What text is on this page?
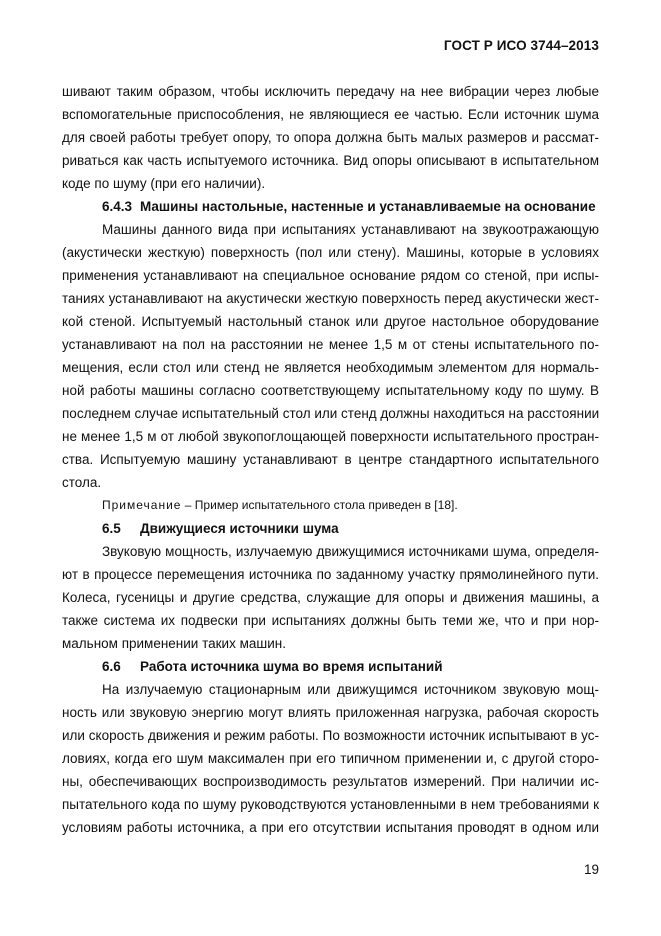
ГОСТ Р ИСО 3744–2013
шивают таким образом, чтобы исключить передачу на нее вибрации через любые
вспомогательные приспособления, не являющиеся ее частью. Если источник шума
для своей работы требует опору, то опора должна быть малых размеров и рассмат-
риваться как часть испытуемого источника. Вид опоры описывают в испытательном
коде по шуму (при его наличии).
6.4.3 Машины настольные, настенные и устанавливаемые на основание
Машины данного вида при испытаниях устанавливают на звукоотражающую
(акустически жесткую) поверхность (пол или стену). Машины, которые в условиях
применения устанавливают на специальное основание рядом со стеной, при испы-
таниях устанавливают на акустически жесткую поверхность перед акустически жест-
кой стеной. Испытуемый настольный станок или другое настольное оборудование
устанавливают на пол на расстоянии не менее 1,5 м от стены испытательного по-
мещения, если стол или стенд не является необходимым элементом для нормаль-
ной работы машины согласно соответствующему испытательному коду по шуму. В
последнем случае испытательный стол или стенд должны находиться на расстоянии
не менее 1,5 м от любой звукопоглощающей поверхности испытательного простран-
ства. Испытуемую машину устанавливают в центре стандартного испытательного
стола.
Примечание – Пример испытательного стола приведен в [18].
6.5 Движущиеся источники шума
Звуковую мощность, излучаемую движущимися источниками шума, определя-
ют в процессе перемещения источника по заданному участку прямолинейного пути.
Колеса, гусеницы и другие средства, служащие для опоры и движения машины, а
также система их подвески при испытаниях должны быть теми же, что и при нор-
мальном применении таких машин.
6.6 Работа источника шума во время испытаний
На излучаемую стационарным или движущимся источником звуковую мощ-
ность или звуковую энергию могут влиять приложенная нагрузка, рабочая скорость
или скорость движения и режим работы. По возможности источник испытывают в ус-
ловиях, когда его шум максимален при его типичном применении и, с другой сторо-
ны, обеспечивающих воспроизводимость результатов измерений. При наличии ис-
пытательного кода по шуму руководствуются установленными в нем требованиями к
условиям работы источника, а при его отсутствии испытания проводят в одном или
19
